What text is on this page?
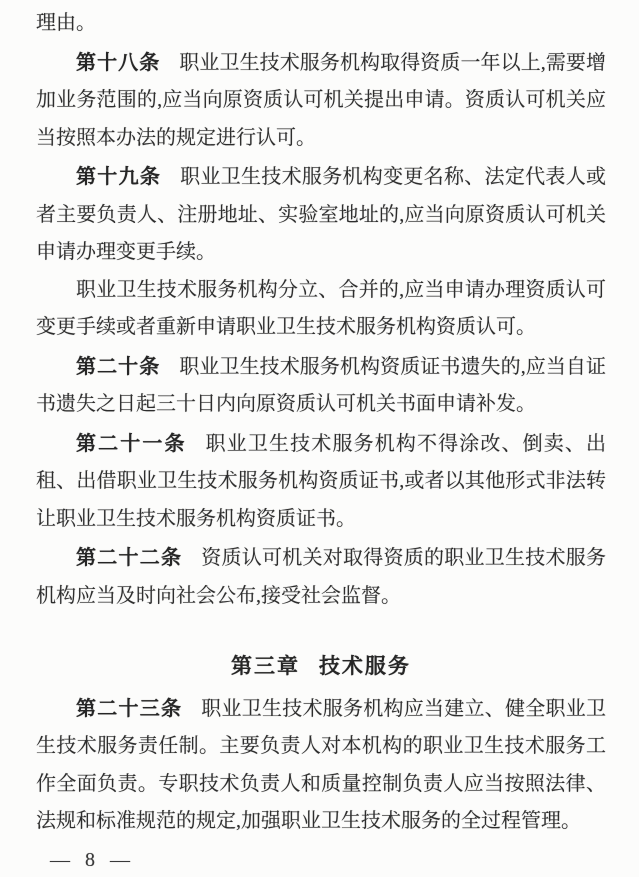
理由。

第十八条 职业卫生技术服务机构取得资质一年以上,需要增加业务范围的,应当向原资质认可机关提出申请。资质认可机关应当按照本办法的规定进行认可。

第十九条 职业卫生技术服务机构变更名称、法定代表人或者主要负责人、注册地址、实验室地址的,应当向原资质认可机关申请办理变更手续。

职业卫生技术服务机构分立、合并的,应当申请办理资质认可变更手续或者重新申请职业卫生技术服务机构资质认可。

第二十条 职业卫生技术服务机构资质证书遗失的,应当自证书遗失之日起三十日内向原资质认可机关书面申请补发。

第二十一条 职业卫生技术服务机构不得涂改、倒卖、出租、出借职业卫生技术服务机构资质证书,或者以其他形式非法转让职业卫生技术服务机构资质证书。

第二十二条 资质认可机关对取得资质的职业卫生技术服务机构应当及时向社会公布,接受社会监督。

第三章 技术服务

第二十三条 职业卫生技术服务机构应当建立、健全职业卫生技术服务责任制。主要负责人对本机构的职业卫生技术服务工作全面负责。专职技术负责人和质量控制负责人应当按照法律、法规和标准规范的规定,加强职业卫生技术服务的全过程管理。

— 8 —
